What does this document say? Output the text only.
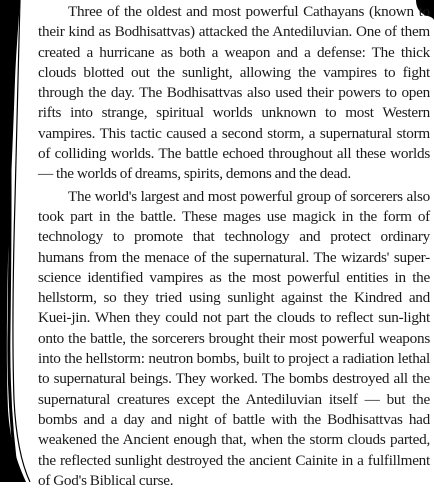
Three of the oldest and most powerful Cathayans (known to their kind as Bodhisattvas) attacked the Antediluvian. One of them created a hurricane as both a weapon and a defense: The thick clouds blotted out the sunlight, allowing the vampires to fight through the day. The Bodhisattvas also used their powers to open rifts into strange, spiritual worlds unknown to most Western vampires. This tactic caused a second storm, a supernatural storm of colliding worlds. The battle echoed throughout all these worlds — the worlds of dreams, spirits, demons and the dead.

The world's largest and most powerful group of sorcerers also took part in the battle. These mages use magick in the form of technology to promote that technology and protect ordinary humans from the menace of the supernatural. The wizards' super-science identified vampires as the most powerful entities in the hellstorm, so they tried using sunlight against the Kindred and Kuei-jin. When they could not part the clouds to reflect sun-light onto the battle, the sorcerers brought their most powerful weapons into the hellstorm: neutron bombs, built to project a radiation lethal to supernatural beings. They worked. The bombs destroyed all the supernatural creatures except the Antediluvian itself — but the bombs and a day and night of battle with the Bodhisattvas had weakened the Ancient enough that, when the storm clouds parted, the reflected sunlight destroyed the ancient Cainite in a fulfillment of God's Biblical curse.
